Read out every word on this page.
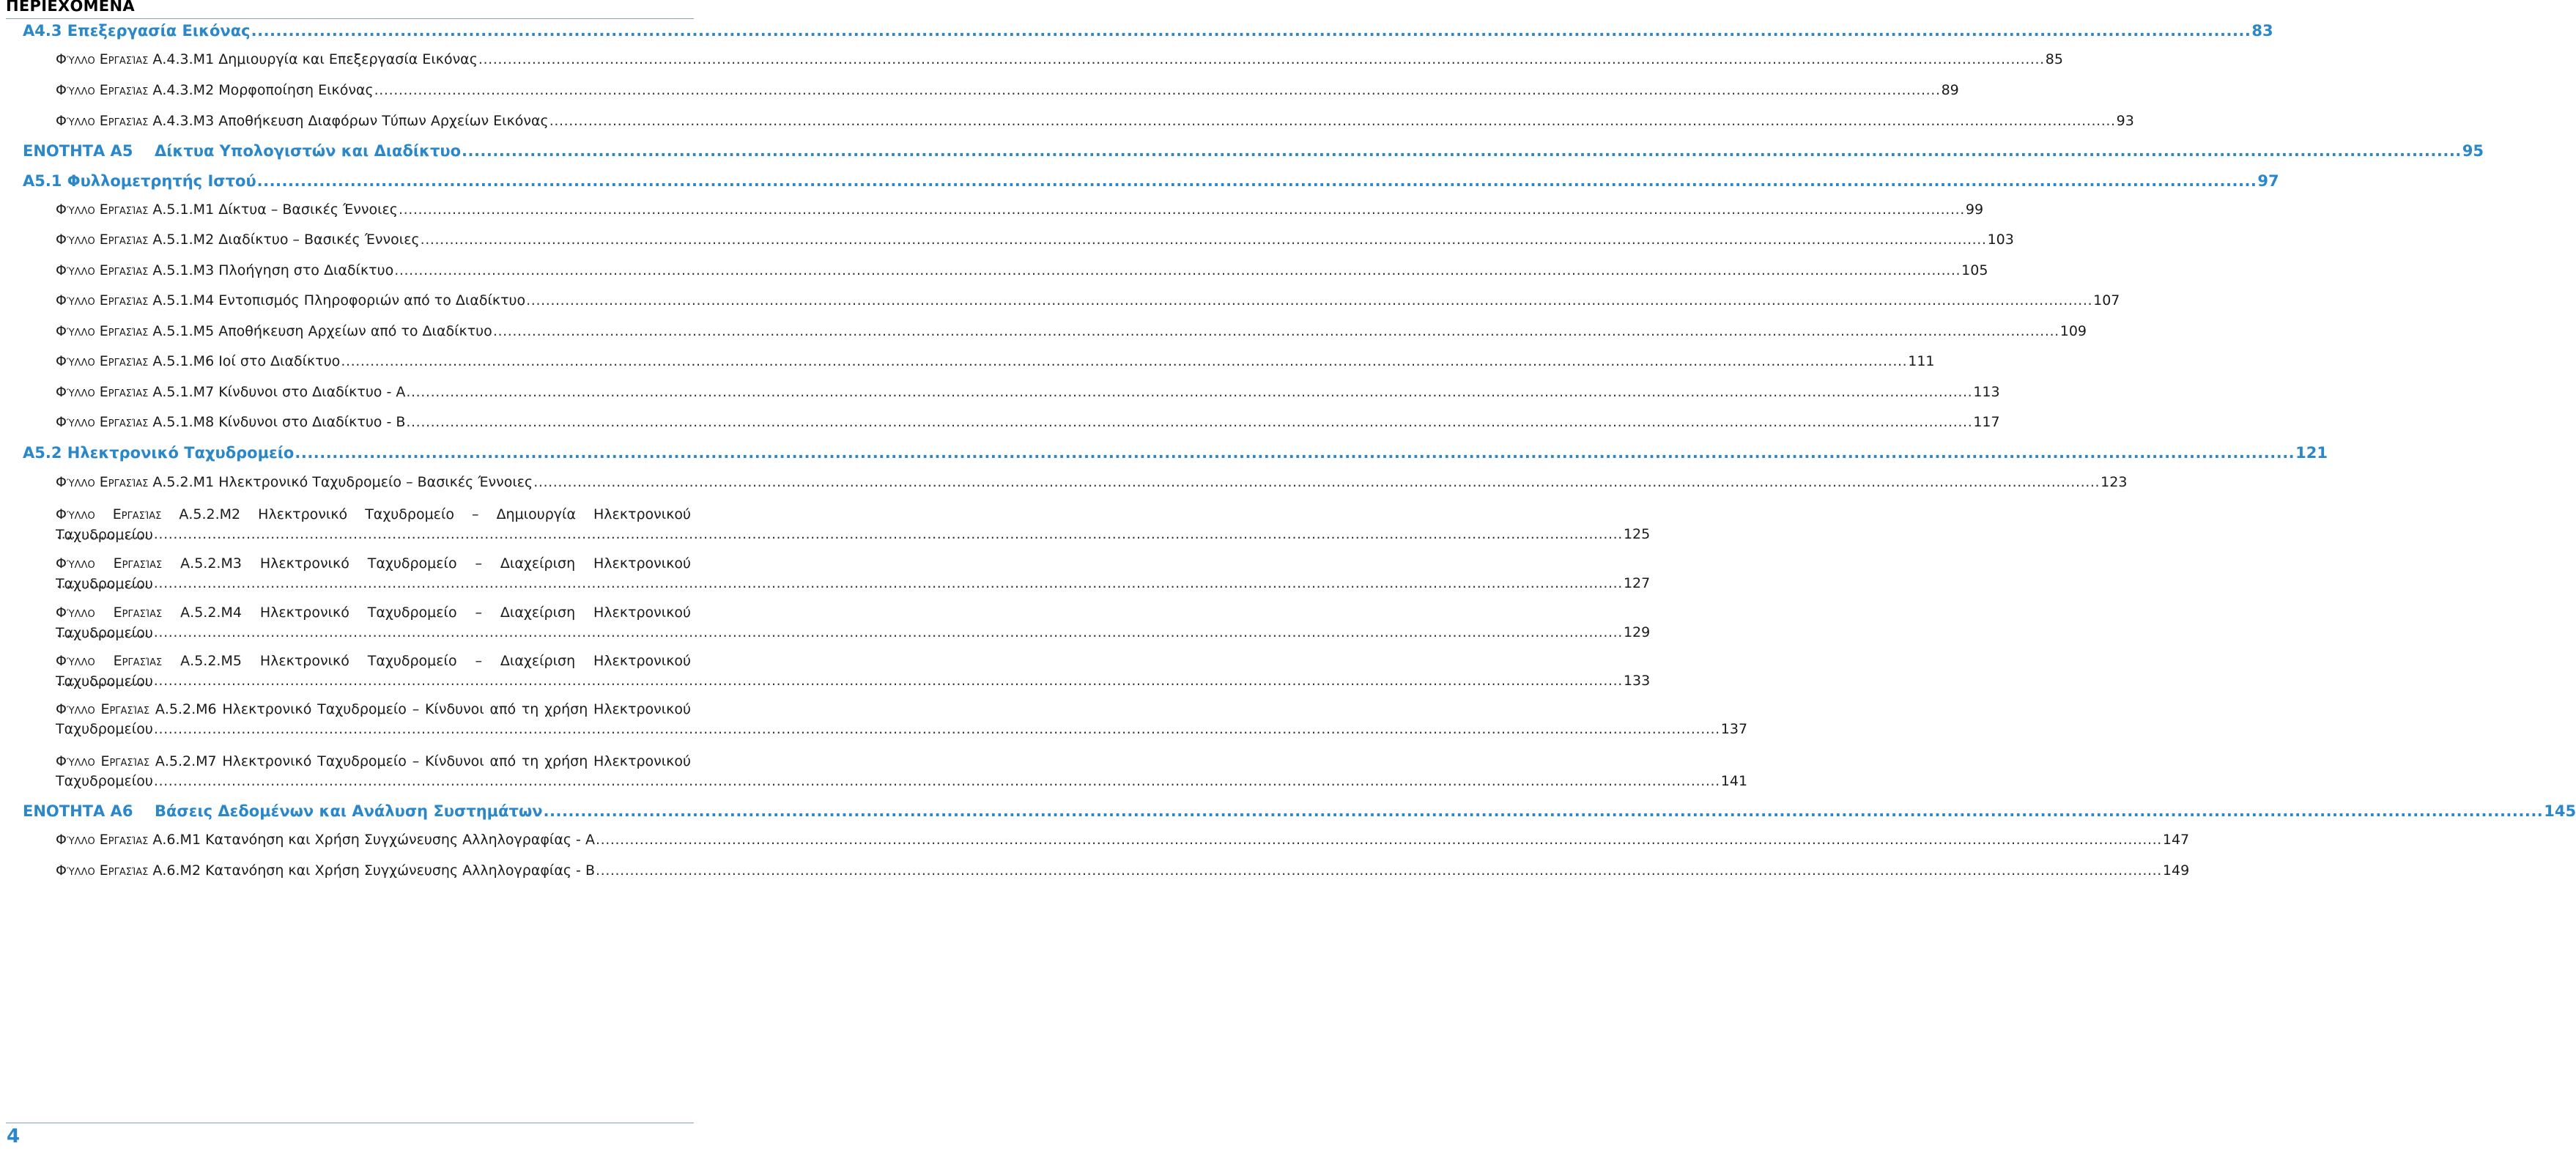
ΠΕΡΙΕΧΟΜΕΝΑ
Α4.3 Επεξεργασία Εικόνας .....	83
Φύλλο Εργασίας Α.4.3.Μ1 Δημιουργία και Επεξεργασία Εικόνας .....	85
Φύλλο Εργασίας Α.4.3.Μ2 Μορφοποίηση Εικόνας .....	89
Φύλλο Εργασίας Α.4.3.Μ3 Αποθήκευση Διαφόρων Τύπων Αρχείων Εικόνας .....	93
ΕΝΟΤΗΤΑ Α5 Δίκτυα Υπολογιστών και Διαδίκτυο .....	95
Α5.1 Φυλλομετρητής Ιστού .....	97
Φύλλο Εργασίας Α.5.1.Μ1 Δίκτυα – Βασικές Έννοιες .....	99
Φύλλο Εργασίας Α.5.1.Μ2 Διαδίκτυο – Βασικές Έννοιες .....	103
Φύλλο Εργασίας Α.5.1.Μ3 Πλοήγηση στο Διαδίκτυο .....	105
Φύλλο Εργασίας Α.5.1.Μ4 Εντοπισμός Πληροφοριών από το Διαδίκτυο .....	107
Φύλλο Εργασίας Α.5.1.Μ5 Αποθήκευση Αρχείων από το Διαδίκτυο .....	109
Φύλλο Εργασίας Α.5.1.Μ6 Ιοί στο Διαδίκτυο .....	111
Φύλλο Εργασίας Α.5.1.Μ7 Κίνδυνοι στο Διαδίκτυο - Α .....	113
Φύλλο Εργασίας Α.5.1.Μ8 Κίνδυνοι στο Διαδίκτυο - Β .....	117
Α5.2 Ηλεκτρονικό Ταχυδρομείο .....	121
Φύλλο Εργασίας Α.5.2.Μ1 Ηλεκτρονικό Ταχυδρομείο – Βασικές Έννοιες .....	123
Φύλλο Εργασίας Α.5.2.Μ2 Ηλεκτρονικό Ταχυδρομείο – Δημιουργία Ηλεκτρονικού Ταχυδρομείου .....	125
Φύλλο Εργασίας Α.5.2.Μ3 Ηλεκτρονικό Ταχυδρομείο – Διαχείριση Ηλεκτρονικού Ταχυδρομείου .....	127
Φύλλο Εργασίας Α.5.2.Μ4 Ηλεκτρονικό Ταχυδρομείο – Διαχείριση Ηλεκτρονικού Ταχυδρομείου .....	129
Φύλλο Εργασίας Α.5.2.Μ5 Ηλεκτρονικό Ταχυδρομείο – Διαχείριση Ηλεκτρονικού Ταχυδρομείου .....	133
Φύλλο Εργασίας Α.5.2.Μ6 Ηλεκτρονικό Ταχυδρομείο – Κίνδυνοι από τη χρήση Ηλεκτρονικού
Ταχυδρομείου .....	137
Φύλλο Εργασίας Α.5.2.Μ7 Ηλεκτρονικό Ταχυδρομείο – Κίνδυνοι από τη χρήση Ηλεκτρονικού
Ταχυδρομείου .....	141
ΕΝΟΤΗΤΑ Α6 Βάσεις Δεδομένων και Ανάλυση Συστημάτων .....	145
Φύλλο Εργασίας Α.6.Μ1 Κατανόηση και Χρήση Συγχώνευσης Αλληλογραφίας - Α .....	147
Φύλλο Εργασίας Α.6.Μ2 Κατανόηση και Χρήση Συγχώνευσης Αλληλογραφίας - Β .....	149
4
